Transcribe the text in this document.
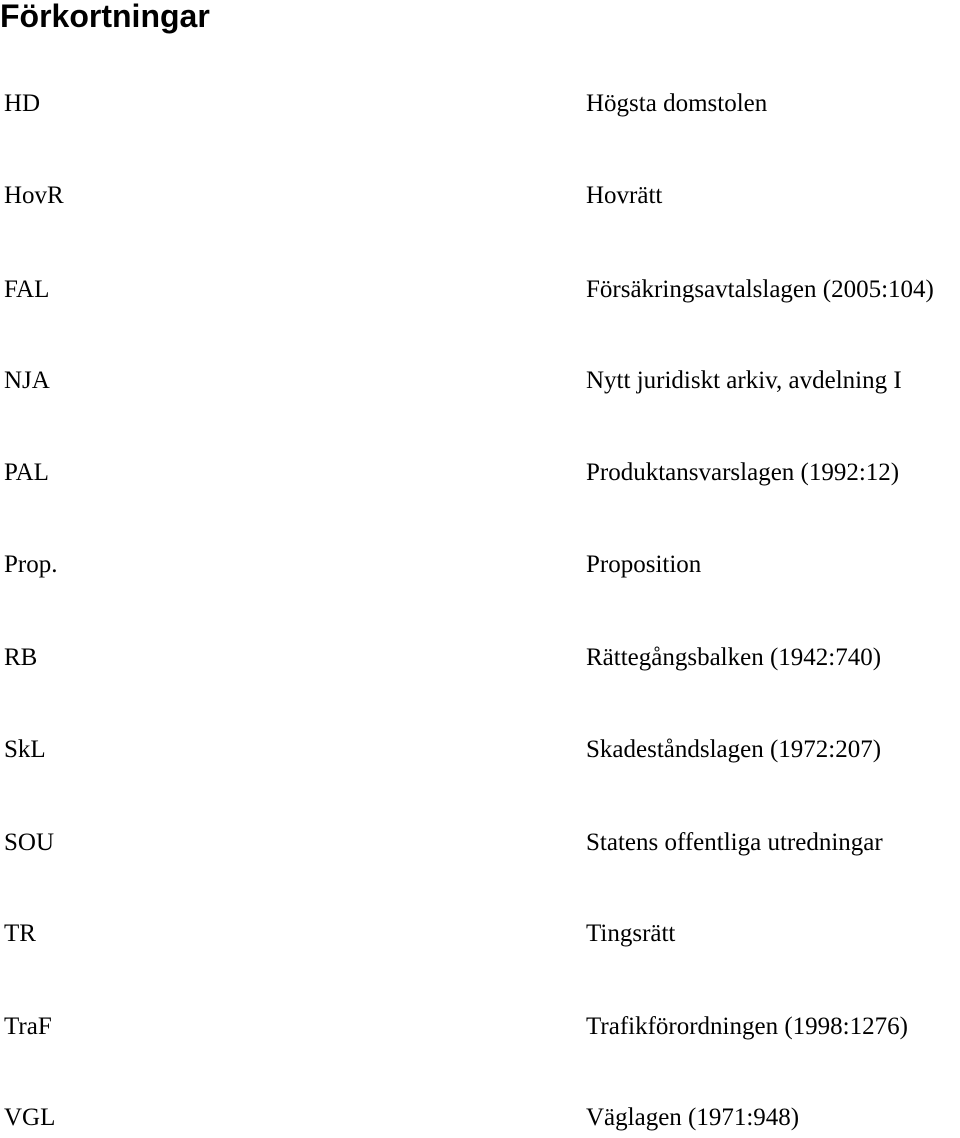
Förkortningar
HD	Högsta domstolen
HovR	Hovrätt
FAL	Försäkringsavtalslagen (2005:104)
NJA	Nytt juridiskt arkiv, avdelning I
PAL	Produktansvarslagen (1992:12)
Prop.	Proposition
RB	Rättegångsbalken (1942:740)
SkL	Skadeståndslagen (1972:207)
SOU	Statens offentliga utredningar
TR	Tingsrätt
TraF	Trafikförordningen (1998:1276)
VGL	Väglagen (1971:948)
